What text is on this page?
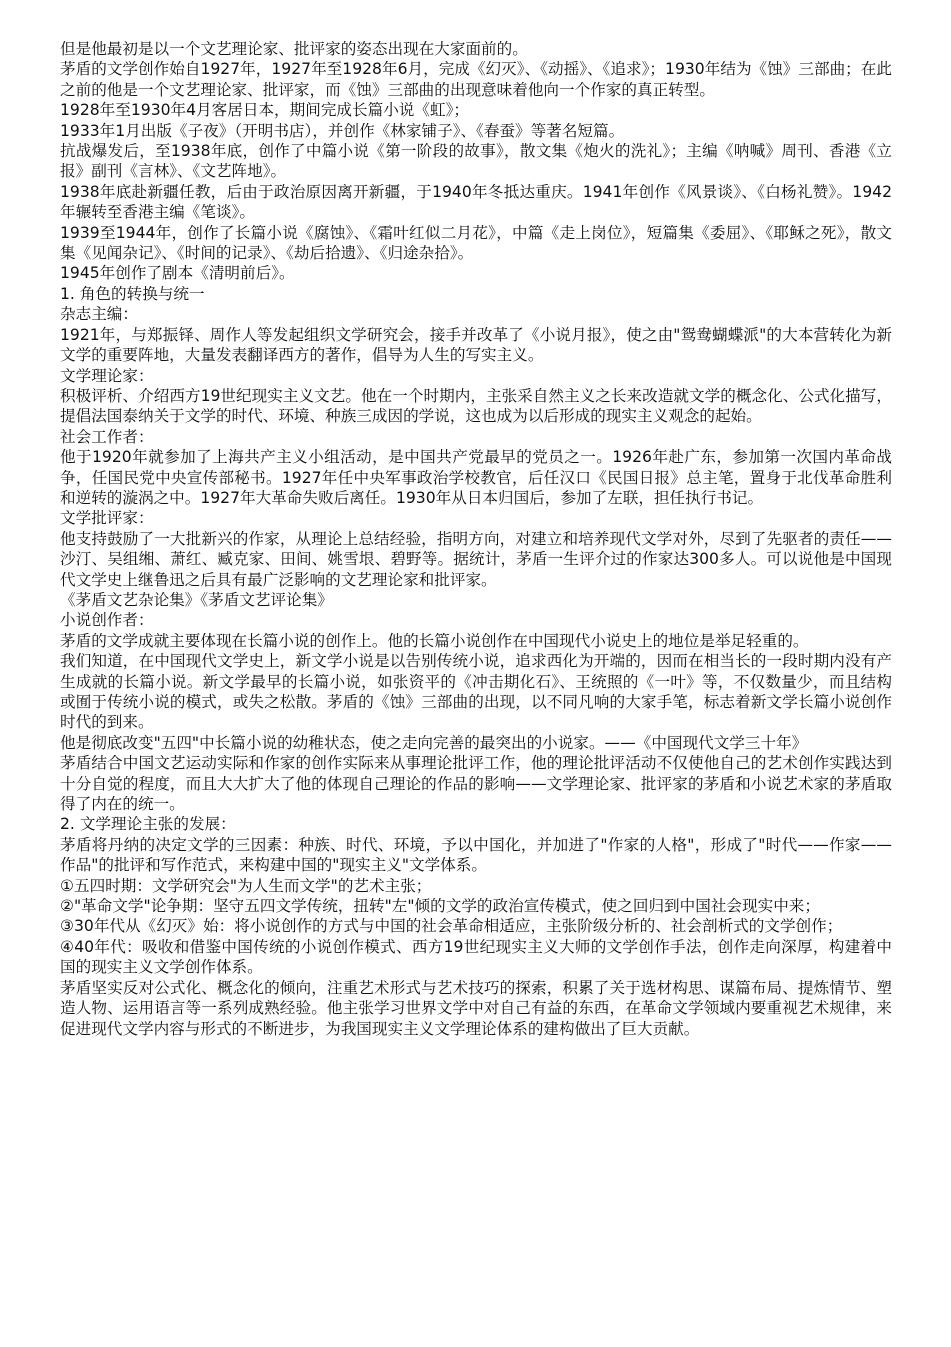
但是他最初是以一个文艺理论家、批评家的姿态出现在大家面前的。

茅盾的文学创作始自1927年，1927年至1928年6月，完成《幻灭》、《动摇》、《追求》；1930年结为《蚀》三部曲；在此之前的他是一个文艺理论家、批评家，而《蚀》三部曲的出现意味着他向一个作家的真正转型。

1928年至1930年4月客居日本，期间完成长篇小说《虹》；

1933年1月出版《子夜》（开明书店），并创作《林家铺子》、《春蚕》等著名短篇。

抗战爆发后，至1938年底，创作了中篇小说《第一阶段的故事》，散文集《炮火的洗礼》；主编《呐喊》周刊、香港《立报》副刊《言林》、《文艺阵地》。

1938年底赴新疆任教，后由于政治原因离开新疆，于1940年冬抵达重庆。1941年创作《风景谈》、《白杨礼赞》。1942年辗转至香港主编《笔谈》。

1939至1944年，创作了长篇小说《腐蚀》、《霜叶红似二月花》，中篇《走上岗位》，短篇集《委屈》、《耶稣之死》，散文集《见闻杂记》、《时间的记录》、《劫后拾遗》、《归途杂拾》。

1945年创作了剧本《清明前后》。

1. 角色的转换与统一

杂志主编：

1921年，与郑振铎、周作人等发起组织文学研究会，接手并改革了《小说月报》，使之由"鸳鸯蝴蝶派"的大本营转化为新文学的重要阵地，大量发表翻译西方的著作，倡导为人生的写实主义。

文学理论家：

积极评析、介绍西方19世纪现实主义文艺。他在一个时期内，主张采自然主义之长来改造就文学的概念化、公式化描写，提倡法国泰纳关于文学的时代、环境、种族三成因的学说，这也成为以后形成的现实主义观念的起始。

社会工作者：

他于1920年就参加了上海共产主义小组活动，是中国共产党最早的党员之一。1926年赴广东，参加第一次国内革命战争，任国民党中央宣传部秘书。1927年任中央军事政治学校教官，后任汉口《民国日报》总主笔，置身于北伐革命胜利和逆转的漩涡之中。1927年大革命失败后离任。1930年从日本归国后，参加了左联，担任执行书记。

文学批评家：

他支持鼓励了一大批新兴的作家，从理论上总结经验，指明方向，对建立和培养现代文学对外，尽到了先驱者的责任——沙汀、吴组缃、萧红、臧克家、田间、姚雪垠、碧野等。据统计，茅盾一生评介过的作家达300多人。可以说他是中国现代文学史上继鲁迅之后具有最广泛影响的文艺理论家和批评家。

《茅盾文艺杂论集》《茅盾文艺评论集》

小说创作者：

茅盾的文学成就主要体现在长篇小说的创作上。他的长篇小说创作在中国现代小说史上的地位是举足轻重的。

我们知道，在中国现代文学史上，新文学小说是以告别传统小说，追求西化为开端的，因而在相当长的一段时期内没有产生成就的长篇小说。新文学最早的长篇小说，如张资平的《冲击期化石》、王统照的《一叶》等，不仅数量少，而且结构或囿于传统小说的模式，或失之松散。茅盾的《蚀》三部曲的出现，以不同凡响的大家手笔，标志着新文学长篇小说创作时代的到来。

他是彻底改变"五四"中长篇小说的幼稚状态，使之走向完善的最突出的小说家。——《中国现代文学三十年》

茅盾结合中国文艺运动实际和作家的创作实际来从事理论批评工作，他的理论批评活动不仅使他自己的艺术创作实践达到十分自觉的程度，而且大大扩大了他的体现自己理论的作品的影响——文学理论家、批评家的茅盾和小说艺术家的茅盾取得了内在的统一。

2. 文学理论主张的发展：

茅盾将丹纳的决定文学的三因素：种族、时代、环境，予以中国化，并加进了"作家的人格"，形成了"时代——作家——作品"的批评和写作范式，来构建中国的"现实主义"文学体系。

①五四时期：文学研究会"为人生而文学"的艺术主张；

②"革命文学"论争期：坚守五四文学传统，扭转"左"倾的文学的政治宣传模式，使之回归到中国社会现实中来；

③30年代从《幻灭》始：将小说创作的方式与中国的社会革命相适应，主张阶级分析的、社会剖析式的文学创作；

④40年代：吸收和借鉴中国传统的小说创作模式、西方19世纪现实主义大师的文学创作手法，创作走向深厚，构建着中国的现实主义文学创作体系。

茅盾坚实反对公式化、概念化的倾向，注重艺术形式与艺术技巧的探索，积累了关于选材构思、谋篇布局、提炼情节、塑造人物、运用语言等一系列成熟经验。他主张学习世界文学中对自己有益的东西，在革命文学领域内要重视艺术规律，来促进现代文学内容与形式的不断进步，为我国现实主义文学理论体系的建构做出了巨大贡献。
